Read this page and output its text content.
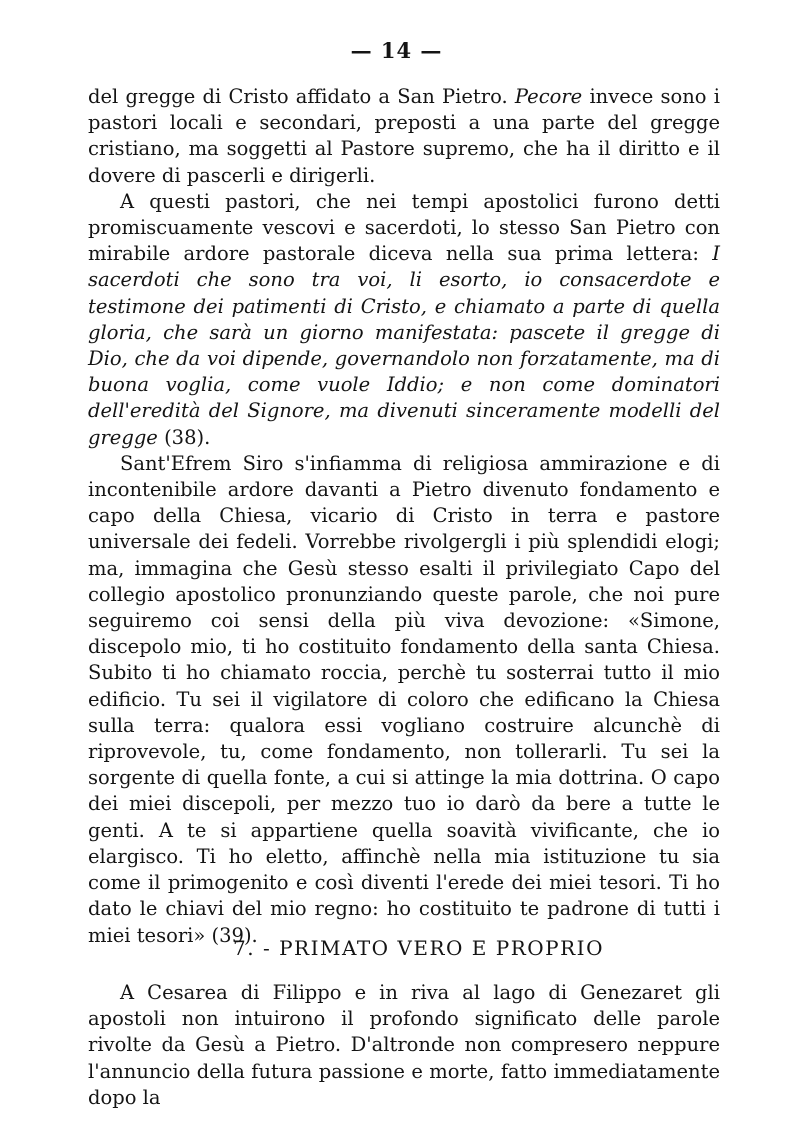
— 14 —

del gregge di Cristo affidato a San Pietro. Pecore invece sono i pastori locali e secondari, preposti a una parte del gregge cristiano, ma soggetti al Pastore supremo, che ha il diritto e il dovere di pascerli e dirigerli.

A questi pastori, che nei tempi apostolici furono detti promiscuamente vescovi e sacerdoti, lo stesso San Pietro con mirabile ardore pastorale diceva nella sua prima lettera: I sacerdoti che sono tra voi, li esorto, io consacerdote e testimone dei patimenti di Cristo, e chiamato a parte di quella gloria, che sarà un giorno manifestata: pascete il gregge di Dio, che da voi dipende, governandolo non forzatamente, ma di buona voglia, come vuole Iddio; e non come dominatori dell'eredità del Signore, ma divenuti sinceramente modelli del gregge (38).

Sant'Efrem Siro s'infiamma di religiosa ammirazione e di incontenibile ardore davanti a Pietro divenuto fondamento e capo della Chiesa, vicario di Cristo in terra e pastore universale dei fedeli. Vorrebbe rivolgergli i più splendidi elogi; ma, immagina che Gesù stesso esalti il privilegiato Capo del collegio apostolico pronunziando queste parole, che noi pure seguiremo coi sensi della più viva devozione: «Simone, discepolo mio, ti ho costituito fondamento della santa Chiesa. Subito ti ho chiamato roccia, perchè tu sosterrai tutto il mio edificio. Tu sei il vigilatore di coloro che edificano la Chiesa sulla terra: qualora essi vogliano costruire alcunchè di riprovevole, tu, come fondamento, non tollerarli. Tu sei la sorgente di quella fonte, a cui si attinge la mia dottrina. O capo dei miei discepoli, per mezzo tuo io darò da bere a tutte le genti. A te si appartiene quella soavità vivificante, che io elargisco. Ti ho eletto, affinchè nella mia istituzione tu sia come il primogenito e così diventi l'erede dei miei tesori. Ti ho dato le chiavi del mio regno: ho costituito te padrone di tutti i miei tesori» (39).

7. - PRIMATO VERO E PROPRIO

A Cesarea di Filippo e in riva al lago di Genezaret gli apostoli non intuirono il profondo significato delle parole rivolte da Gesù a Pietro. D'altronde non compresero neppure l'annuncio della futura passione e morte, fatto immediatamente dopo la
